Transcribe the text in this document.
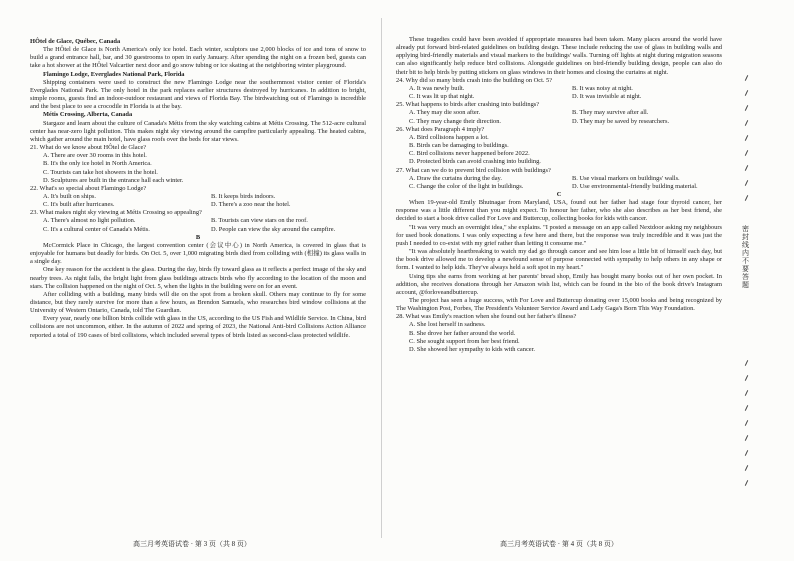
HÔtel de Glace, Québec, Canada

The HÔtel de Glace is North America's only ice hotel. Each winter, sculptors use 2,000 blocks of ice and tons of snow to build a grand entrance hall, bar, and 30 guestrooms to open in early January. After spending the night on a frozen bed, guests can take a hot shower at the HÔtel Valcartier next door and go snow tubing or ice skating at the neighboring winter playground.

Flamingo Lodge, Everglades National Park, Florida

Shipping containers were used to construct the new Flamingo Lodge near the southernmost visitor center of Florida's Everglades National Park. The only hotel in the park replaces earlier structures destroyed by hurricanes. In addition to bright, simple rooms, guests find an indoor-outdoor restaurant and views of Florida Bay. The birdwatching out of Flamingo is incredible and the best place to see a crocodile in Florida is at the bay.

Métis Crossing, Alberta, Canada

Stargaze and learn about the culture of Canada's Métis from the sky watching cabins at Métis Crossing. The 512-acre cultural center has near-zero light pollution. This makes night sky viewing around the campfire particularly appealing. The heated cabins, which gather around the main hotel, have glass roofs over the beds for star views.

21. What do we know about HÔtel de Glace?

A. There are over 30 rooms in this hotel.

B. It's the only ice hotel in North America.

C. Tourists can take hot showers in the hotel.

D. Sculptures are built in the entrance hall each winter.

22. What's so special about Flamingo Lodge?

A. It's built on ships.	B. It keeps birds indoors.

C. It's built after hurricanes.	D. There's a zoo near the hotel.

23. What makes night sky viewing at Métis Crossing so appealing?

A. There's almost no light pollution.	B. Tourists can view stars on the roof.

C. It's a cultural center of Canada's Métis.	D. People can view the sky around the campfire.

B

McCormick Place in Chicago, the largest convention center (会议中心) in North America, is covered in glass that is enjoyable for humans but deadly for birds. On Oct. 5, over 1,000 migrating birds died from colliding with (相撞) its glass walls in a single day.

One key reason for the accident is the glass. During the day, birds fly toward glass as it reflects a perfect image of the sky and nearby trees. As night falls, the bright light from glass buildings attracts birds who fly according to the location of the moon and stars. The collision happened on the night of Oct. 5, when the lights in the building were on for an event.

After colliding with a building, many birds will die on the spot from a broken skull. Others may continue to fly for some distance, but they rarely survive for more than a few hours, as Brendon Samuels, who researches bird window collisions at the University of Western Ontario, Canada, told The Guardian.

Every year, nearly one billion birds collide with glass in the US, according to the US Fish and Wildlife Service. In China, bird collisions are not uncommon, either. In the autumn of 2022 and spring of 2023, the National Anti-bird Collisions Action Alliance reported a total of 190 cases of bird collisions, which included several types of birds listed as second-class protected wildlife.

These tragedies could have been avoided if appropriate measures had been taken. Many places around the world have already put forward bird-related guidelines on building design. These include reducing the use of glass in building walls and applying bird-friendly materials and visual markers to the buildings' walls. Turning off lights at night during migration seasons can also significantly help reduce bird collisions. Alongside guidelines on bird-friendly building design, people can also do their bit to help birds by putting stickers on glass windows in their homes and closing the curtains at night.

24. Why did so many birds crash into the building on Oct. 5?

A. It was newly built.	B. It was noisy at night.

C. It was lit up that night.	D. It was invisible at night.

25. What happens to birds after crashing into buildings?

A. They may die soon after.	B. They may survive after all.

C. They may change their direction.	D. They may be saved by researchers.

26. What does Paragraph 4 imply?

A. Bird collisions happen a lot.

B. Birds can be damaging to buildings.

C. Bird collisions never happened before 2022.

D. Protected birds can avoid crashing into building.

27. What can we do to prevent bird collision with buildings?

A. Draw the curtains during the day.	B. Use visual markers on buildings' walls.

C. Change the color of the light in buildings.	D. Use environmental-friendly building material.

C

When 19-year-old Emily Bhutnagar from Maryland, USA, found out her father had stage four thyroid cancer, her response was a little different than you might expect. To honour her father, who she also describes as her best friend, she decided to start a book drive called For Love and Buttercup, collecting books for kids with cancer.

"It was very much an overnight idea," she explains. "I posted a message on an app called Nextdoor asking my neighbours for used book donations. I was only expecting a few here and there, but the response was truly incredible and it was just the push I needed to co-exist with my grief rather than letting it consume me."

"It was absolutely heartbreaking to watch my dad go through cancer and see him lose a little bit of himself each day, but the book drive allowed me to develop a newfound sense of purpose connected with sympathy to help others in any shape or form. I wanted to help kids. They've always held a soft spot in my heart."

Using tips she earns from working at her parents' bread shop, Emily has bought many books out of her own pocket. In addition, she receives donations through her Amazon wish list, which can be found in the bio of the book drive's Instagram account, @forloveandbuttercup.

The project has seen a huge success, with For Love and Buttercup donating over 15,000 books and being recognized by The Washington Post, Forbes, The President's Volunteer Service Award and Lady Gaga's Born This Way Foundation.

28. What was Emily's reaction when she found out her father's illness?

A. She lost herself in sadness.

B. She drove her father around the world.

C. She sought support from her best friend.

D. She showed her sympathy to kids with cancer.

高三月考英语试卷 · 第 3 页（共 8 页）	高三月考英语试卷 · 第 4 页（共 8 页）
密 封 线 内 不 要 答 题
